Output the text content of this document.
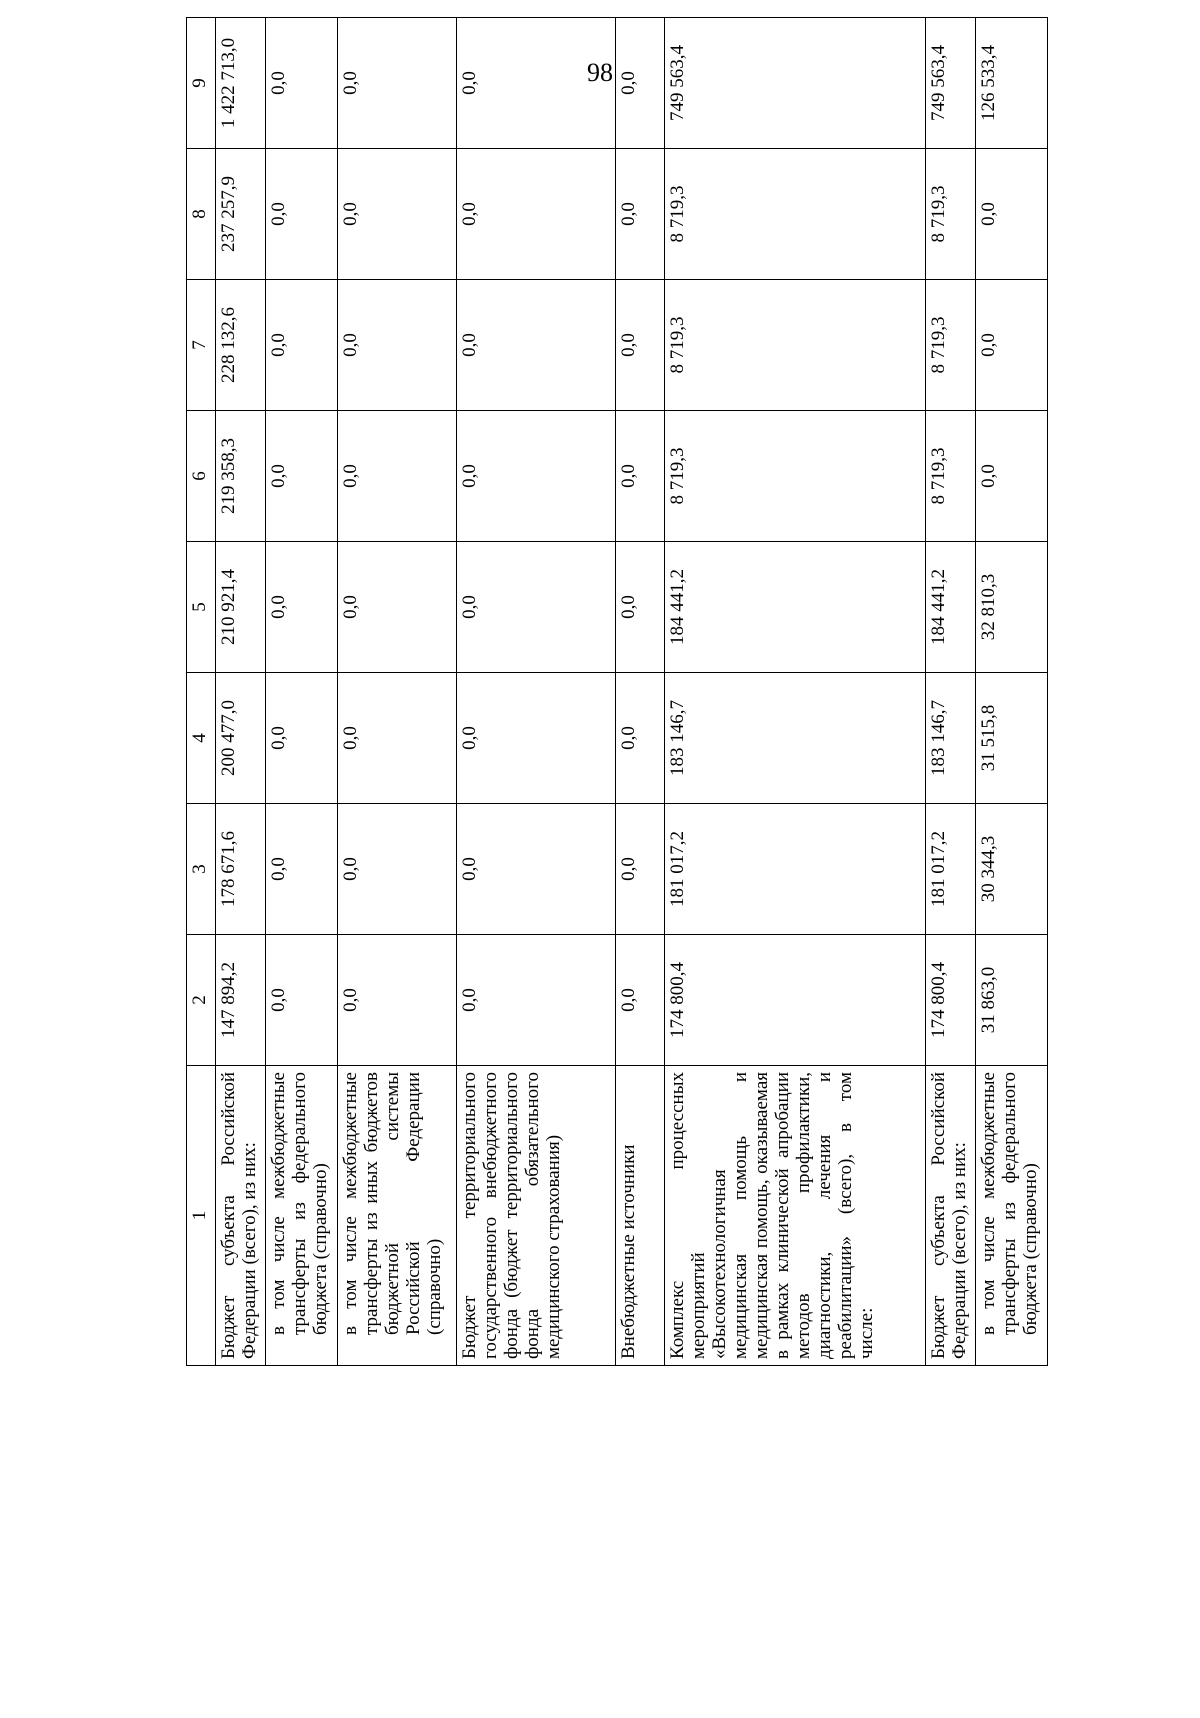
98
1	2	3	4	5	6	7	8	9
Бюджет субъекта Российской Федерации (всего), из них:	147 894,2	178 671,6	200 477,0	210 921,4	219 358,3	228 132,6	237 257,9	1 422 713,0
в том числе межбюджетные трансферты из федерального бюджета (справочно)	0,0	0,0	0,0	0,0	0,0	0,0	0,0	0,0
в том числе межбюджетные трансферты из иных бюджетов бюджетной системы Российской Федерации (справочно)	0,0	0,0	0,0	0,0	0,0	0,0	0,0	0,0
Бюджет территориального государственного внебюджетного фонда (бюджет территориального фонда обязательного медицинского страхования)	0,0	0,0	0,0	0,0	0,0	0,0	0,0	0,0
Внебюджетные источники	0,0	0,0	0,0	0,0	0,0	0,0	0,0	0,0
Комплекс процессных мероприятий «Высокотехнологичная медицинская помощь и медицинская помощь, оказываемая в рамках клинической апробации методов профилактики, диагностики, лечения и реабилитации» (всего), в том числе:	174 800,4	181 017,2	183 146,7	184 441,2	8 719,3	8 719,3	8 719,3	749 563,4
Бюджет субъекта Российской Федерации (всего), из них:	174 800,4	181 017,2	183 146,7	184 441,2	8 719,3	8 719,3	8 719,3	749 563,4
в том числе межбюджетные трансферты из федерального бюджета (справочно)	31 863,0	30 344,3	31 515,8	32 810,3	0,0	0,0	0,0	126 533,4
